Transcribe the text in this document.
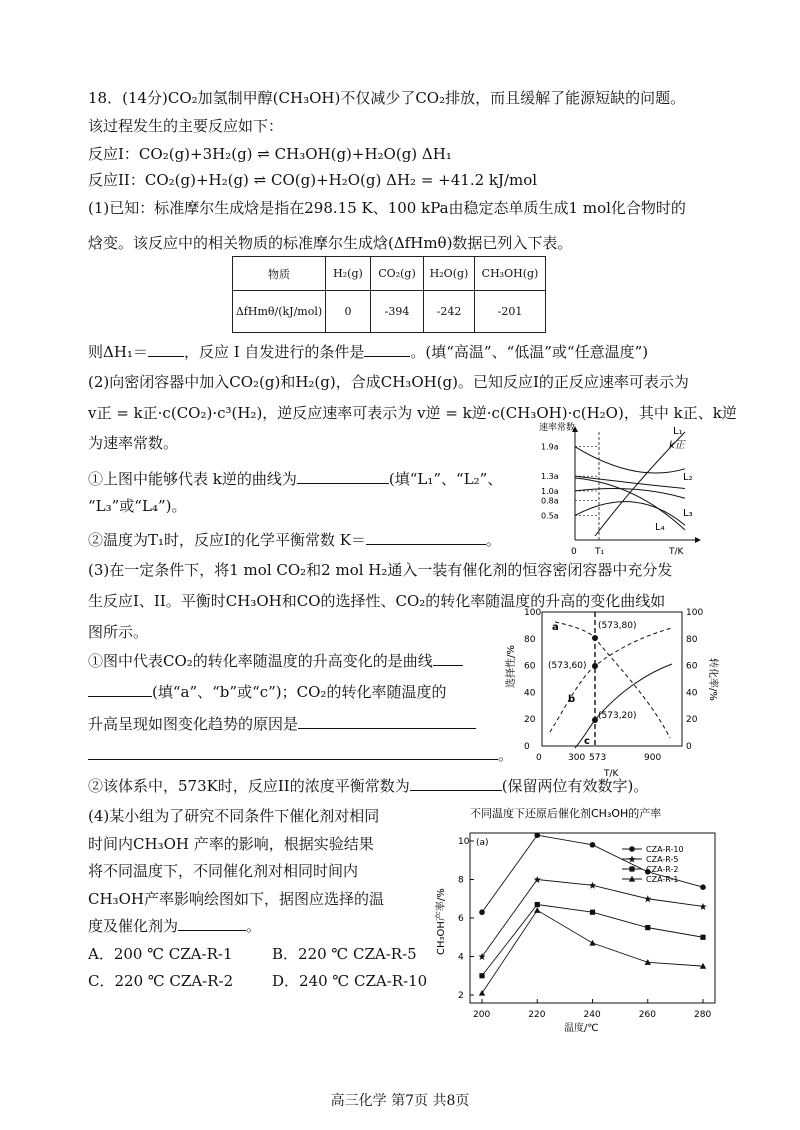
18．(14分)CO₂加氢制甲醇(CH₃OH)不仅减少了CO₂排放，而且缓解了能源短缺的问题。
该过程发生的主要反应如下：
反应I：CO₂(g)+3H₂(g) ⇌ CH₃OH(g)+H₂O(g) ΔH₁
反应II：CO₂(g)+H₂(g) ⇌ CO(g)+H₂O(g) ΔH₂ = +41.2 kJ/mol
(1)已知：标准摩尔生成焓是指在298.15 K、100 kPa由稳定态单质生成1 mol化合物时的
焓变。该反应中的相关物质的标准摩尔生成焓(ΔfHmθ)数据已列入下表。
物质	H₂(g)	CO₂(g)	H₂O(g)	CH₃OH(g)
ΔfHmθ/(kJ/mol)	0	-394	-242	-201
则ΔH₁＝ ，反应 I 自发进行的条件是	。(填“高温”、“低温”或“任意温度”)
(2)向密闭容器中加入CO₂(g)和H₂(g)，合成CH₃OH(g)。已知反应I的正反应速率可表示为
v正 = k正·c(CO₂)·c³(H₂)，逆反应速率可表示为 v逆 = k逆·c(CH₃OH)·c(H₂O)，其中 k正、k逆
为速率常数。
①上图中能够代表 k逆的曲线为	(填“L₁”、“L₂”、
“L₃”或“L₄”)。
②温度为T₁时，反应I的化学平衡常数 K＝	。
(3)在一定条件下，将1 mol CO₂和2 mol H₂通入一装有催化剂的恒容密闭容器中充分发
生反应I、II。平衡时CH₃OH和CO的选择性、CO₂的转化率随温度的升高的变化曲线如
图所示。
①图中代表CO₂的转化率随温度的升高变化的是曲线
(填“a”、“b”或“c”)；CO₂的转化率随温度的
升高呈现如图变化趋势的原因是
。
②该体系中，573K时，反应II的浓度平衡常数为	(保留两位有效数字)。
(4)某小组为了研究不同条件下催化剂对相同
时间内CH₃OH 产率的影响，根据实验结果
将不同温度下，不同催化剂对相同时间内
CH₃OH产率影响绘图如下，据图应选择的温
度及催化剂为	。
A．200 ℃ CZA-R-1	B．220 ℃ CZA-R-5
C．220 ℃ CZA-R-2	D．240 ℃ CZA-R-10
速率常数
T/K
0 T₁
1.9a
1.3a
1.0a
0.8a
0.5a
L₁
k正
L₂
L₃
L₄
选择性/%	转化率/%
T/K
0	0
20	20
40	40
60	60
80	80
100	100
0	300 573	900
(573,80)
(573,60)
(573,20)
a
b
c
不同温度下还原后催化剂CH₃OH的产率
(a)
CH₃OH产率/%
温度/℃
2
4
6
8
10
200	220	240	260	280
CZA-R-10
CZA-R-5
CZA-R-2
CZA-R-1
高三化学 第7页 共8页
